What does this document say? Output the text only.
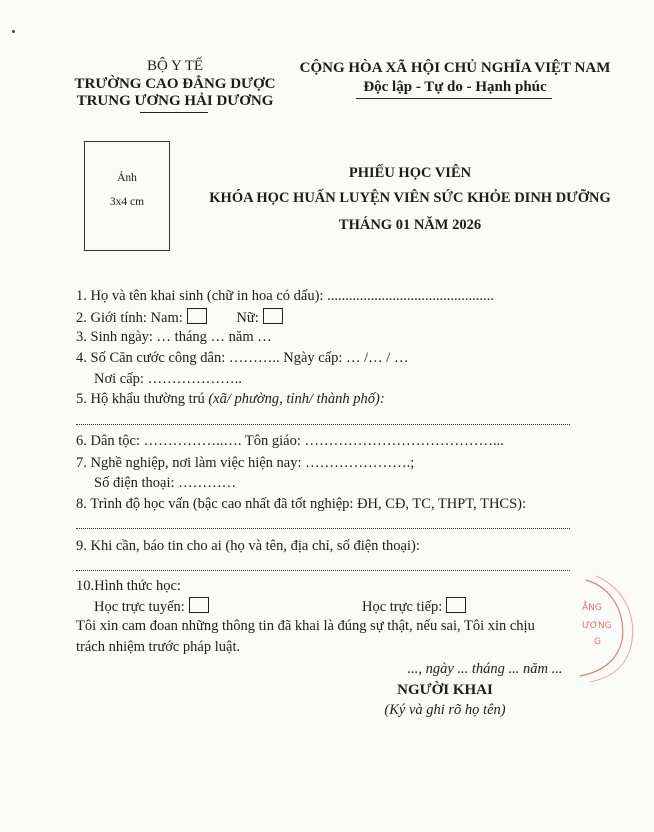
BỘ Y TẾ
TRƯỜNG CAO ĐẲNG DƯỢC
TRUNG ƯƠNG HẢI DƯƠNG
CỘNG HÒA XÃ HỘI CHỦ NGHĨA VIỆT NAM
Độc lập - Tự do - Hạnh phúc
Ảnh
3x4 cm
PHIẾU HỌC VIÊN
KHÓA HỌC HUẤN LUYỆN VIÊN SỨC KHỎE DINH DƯỠNG
THÁNG 01 NĂM 2026
1. Họ và tên khai sinh (chữ in hoa có dấu): ..............................................
2. Giới tính: Nam:	Nữ:
3. Sinh ngày: … tháng … năm …
4. Số Căn cước công dân: ……….. Ngày cấp: … /… / …
Nơi cấp: ………………..
5. Hộ khẩu thường trú (xã/ phường, tỉnh/ thành phố):
6. Dân tộc: ……………..…. Tôn giáo: …………………………………...
7. Nghề nghiệp, nơi làm việc hiện nay: ………………….;
Số điện thoại: …………
8. Trình độ học vấn (bậc cao nhất đã tốt nghiệp: ĐH, CĐ, TC, THPT, THCS):
9. Khi cần, báo tin cho ai (họ và tên, địa chỉ, số điện thoại):
10.Hình thức học:
Học trực tuyến:	Học trực tiếp:
Tôi xin cam đoan những thông tin đã khai là đúng sự thật, nếu sai, Tôi xin chịu
trách nhiệm trước pháp luật.
..., ngày ... tháng ... năm ...
NGƯỜI KHAI
(Ký và ghi rõ họ tên)
ẲNG
ƯƠNG
G
